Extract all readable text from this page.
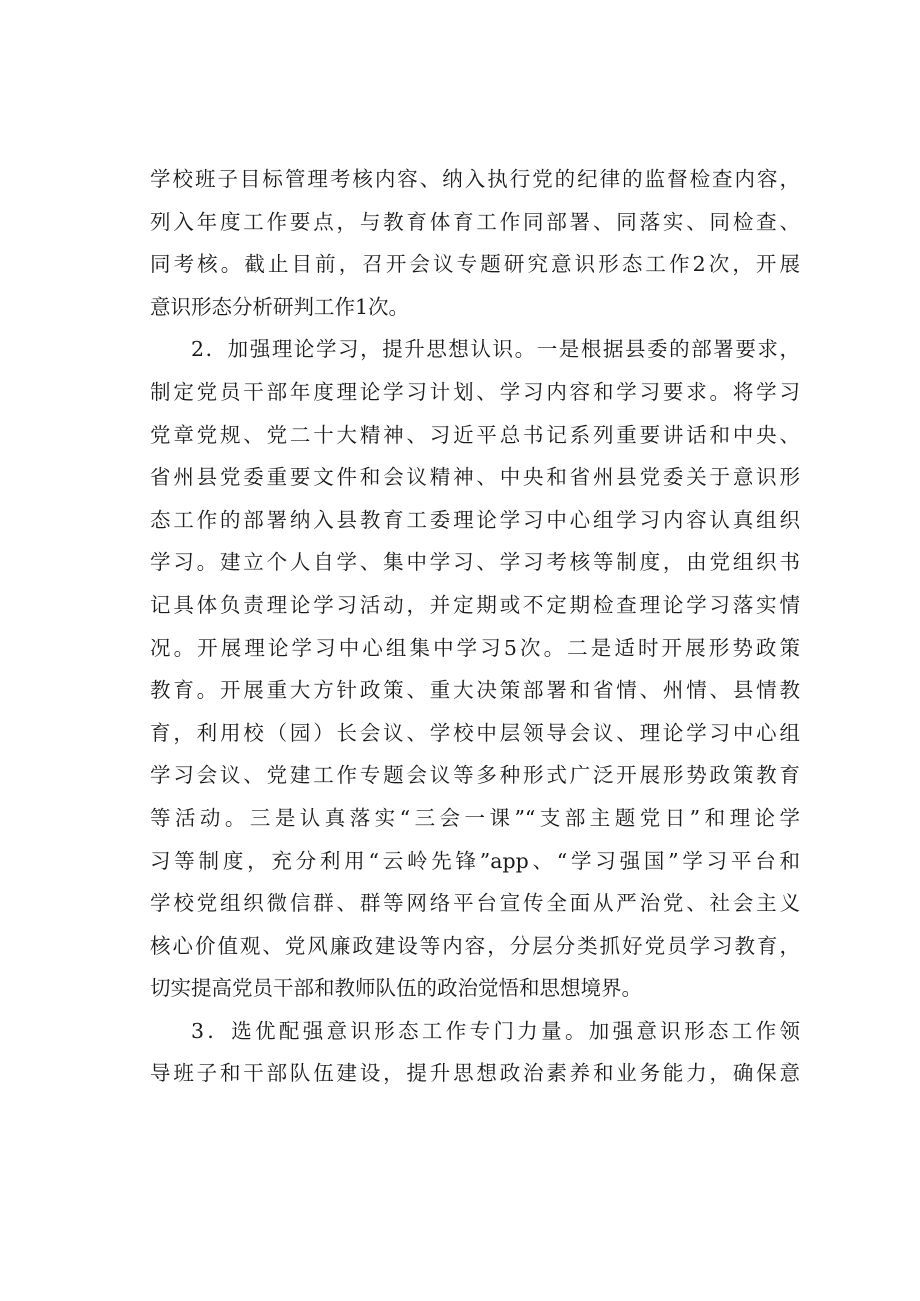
学校班子目标管理考核内容、纳入执行党的纪律的监督检查内容，
列入年度工作要点，与教育体育工作同部署、同落实、同检查、
同考核。截止目前，召开会议专题研究意识形态工作2次，开展
意识形态分析研判工作1次。
2．加强理论学习，提升思想认识。一是根据县委的部署要求，
制定党员干部年度理论学习计划、学习内容和学习要求。将学习
党章党规、党二十大精神、习近平总书记系列重要讲话和中央、
省州县党委重要文件和会议精神、中央和省州县党委关于意识形
态工作的部署纳入县教育工委理论学习中心组学习内容认真组织
学习。建立个人自学、集中学习、学习考核等制度，由党组织书
记具体负责理论学习活动，并定期或不定期检查理论学习落实情
况。开展理论学习中心组集中学习5次。二是适时开展形势政策
教育。开展重大方针政策、重大决策部署和省情、州情、县情教
育，利用校（园）长会议、学校中层领导会议、理论学习中心组
学习会议、党建工作专题会议等多种形式广泛开展形势政策教育
等活动。三是认真落实“三会一课”“支部主题党日”和理论学
习等制度，充分利用“云岭先锋”app、“学习强国”学习平台和
学校党组织微信群、群等网络平台宣传全面从严治党、社会主义
核心价值观、党风廉政建设等内容，分层分类抓好党员学习教育，
切实提高党员干部和教师队伍的政治觉悟和思想境界。
3．选优配强意识形态工作专门力量。加强意识形态工作领
导班子和干部队伍建设，提升思想政治素养和业务能力，确保意
